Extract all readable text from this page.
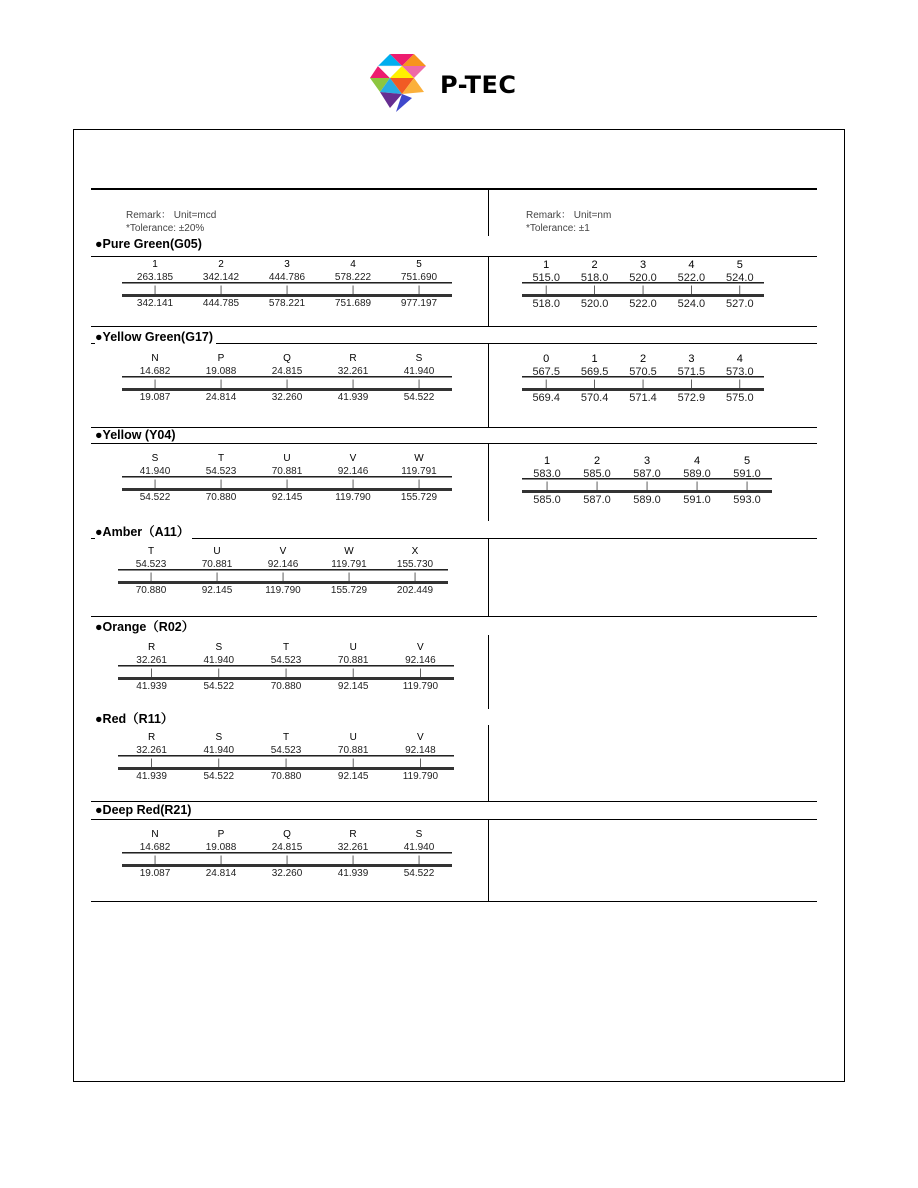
P-TEC
Remark： Unit=mcd
*Tolerance: ±20%
Remark： Unit=nm
*Tolerance: ±1
●Pure Green(G05)
●Yellow Green(G17)
●Yellow (Y04)
●Amber（A11）
●Orange（R02）
●Red（R11）
●Deep Red(R21)
1	2	3	4	5
263.185	342.142	444.786	578.222	751.690
|	|	|	|	|
342.141	444.785	578.221	751.689	977.197
1	2	3	4	5
515.0	518.0	520.0	522.0	524.0
|	|	|	|	|
518.0	520.0	522.0	524.0	527.0
N	P	Q	R	S
14.682	19.088	24.815	32.261	41.940
|	|	|	|	|
19.087	24.814	32.260	41.939	54.522
0	1	2	3	4
567.5	569.5	570.5	571.5	573.0
|	|	|	|	|
569.4	570.4	571.4	572.9	575.0
S	T	U	V	W
41.940	54.523	70.881	92.146	119.791
|	|	|	|	|
54.522	70.880	92.145	119.790	155.729
1	2	3	4	5
583.0	585.0	587.0	589.0	591.0
|	|	|	|	|
585.0	587.0	589.0	591.0	593.0
T	U	V	W	X
54.523	70.881	92.146	119.791	155.730
|	|	|	|	|
70.880	92.145	119.790	155.729	202.449
R	S	T	U	V
32.261	41.940	54.523	70.881	92.146
|	|	|	|	|
41.939	54.522	70.880	92.145	119.790
R	S	T	U	V
32.261	41.940	54.523	70.881	92.148
|	|	|	|	|
41.939	54.522	70.880	92.145	119.790
N	P	Q	R	S
14.682	19.088	24.815	32.261	41.940
|	|	|	|	|
19.087	24.814	32.260	41.939	54.522
